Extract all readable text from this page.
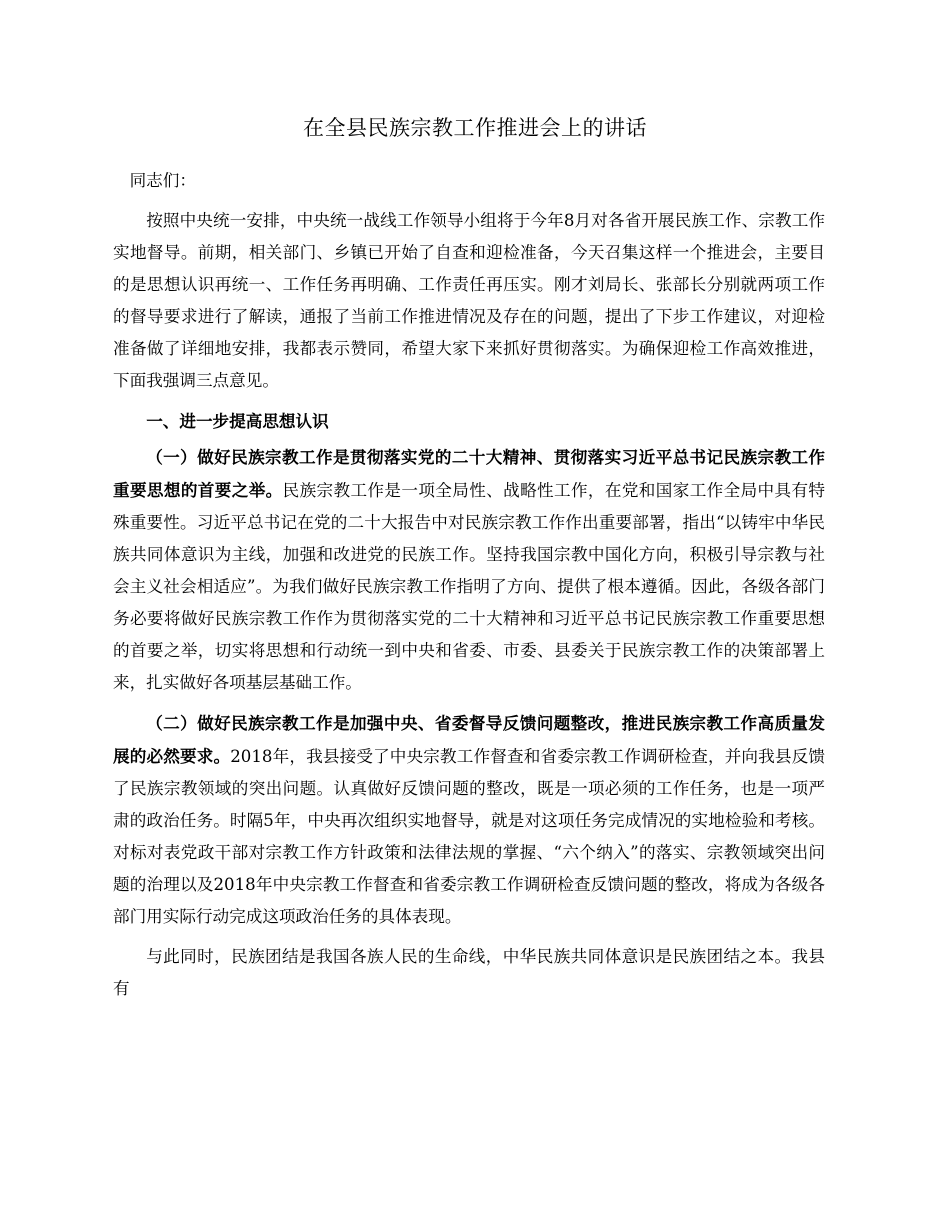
在全县民族宗教工作推进会上的讲话

同志们：

按照中央统一安排，中央统一战线工作领导小组将于今年8月对各省开展民族工作、宗教工作实地督导。前期，相关部门、乡镇已开始了自查和迎检准备，今天召集这样一个推进会，主要目的是思想认识再统一、工作任务再明确、工作责任再压实。刚才刘局长、张部长分别就两项工作的督导要求进行了解读，通报了当前工作推进情况及存在的问题，提出了下步工作建议，对迎检准备做了详细地安排，我都表示赞同，希望大家下来抓好贯彻落实。为确保迎检工作高效推进，下面我强调三点意见。

一、进一步提高思想认识

（一）做好民族宗教工作是贯彻落实党的二十大精神、贯彻落实习近平总书记民族宗教工作重要思想的首要之举。民族宗教工作是一项全局性、战略性工作，在党和国家工作全局中具有特殊重要性。习近平总书记在党的二十大报告中对民族宗教工作作出重要部署，指出“以铸牢中华民族共同体意识为主线，加强和改进党的民族工作。坚持我国宗教中国化方向，积极引导宗教与社会主义社会相适应”。为我们做好民族宗教工作指明了方向、提供了根本遵循。因此，各级各部门务必要将做好民族宗教工作作为贯彻落实党的二十大精神和习近平总书记民族宗教工作重要思想的首要之举，切实将思想和行动统一到中央和省委、市委、县委关于民族宗教工作的决策部署上来，扎实做好各项基层基础工作。

（二）做好民族宗教工作是加强中央、省委督导反馈问题整改，推进民族宗教工作高质量发展的必然要求。2018年，我县接受了中央宗教工作督查和省委宗教工作调研检查，并向我县反馈了民族宗教领域的突出问题。认真做好反馈问题的整改，既是一项必须的工作任务，也是一项严肃的政治任务。时隔5年，中央再次组织实地督导，就是对这项任务完成情况的实地检验和考核。对标对表党政干部对宗教工作方针政策和法律法规的掌握、“六个纳入”的落实、宗教领域突出问题的治理以及2018年中央宗教工作督查和省委宗教工作调研检查反馈问题的整改，将成为各级各部门用实际行动完成这项政治任务的具体表现。

与此同时，民族团结是我国各族人民的生命线，中华民族共同体意识是民族团结之本。我县有
